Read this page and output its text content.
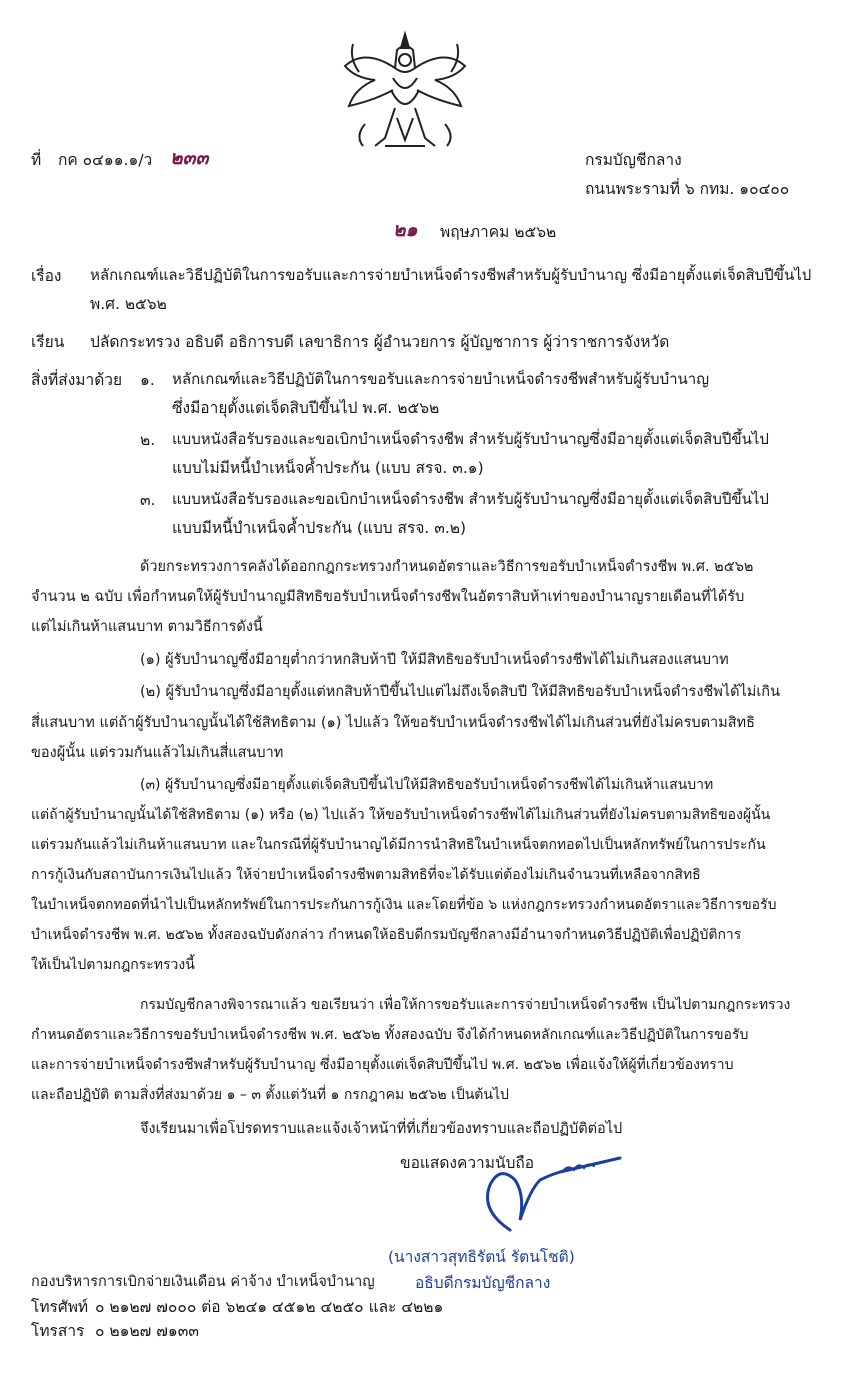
ที่ กค ๐๔๑๑.๑/ว ๒๓๓	กรมบัญชีกลาง
ถนนพระรามที่ ๖ กทม. ๑๐๔๐๐
๒๑ พฤษภาคม ๒๕๖๒
เรื่อง หลักเกณฑ์และวิธีปฏิบัติในการขอรับและการจ่ายบำเหน็จดำรงชีพสำหรับผู้รับบำนาญ ซึ่งมีอายุตั้งแต่เจ็ดสิบปีขึ้นไป
พ.ศ. ๒๕๖๒
เรียน ปลัดกระทรวง อธิบดี อธิการบดี เลขาธิการ ผู้อำนวยการ ผู้บัญชาการ ผู้ว่าราชการจังหวัด
สิ่งที่ส่งมาด้วย ๑. หลักเกณฑ์และวิธีปฏิบัติในการขอรับและการจ่ายบำเหน็จดำรงชีพสำหรับผู้รับบำนาญ
ซึ่งมีอายุตั้งแต่เจ็ดสิบปีขึ้นไป พ.ศ. ๒๕๖๒
๒. แบบหนังสือรับรองและขอเบิกบำเหน็จดำรงชีพ สำหรับผู้รับบำนาญซึ่งมีอายุตั้งแต่เจ็ดสิบปีขึ้นไป
แบบไม่มีหนี้บำเหน็จค้ำประกัน (แบบ สรจ. ๓.๑)
๓. แบบหนังสือรับรองและขอเบิกบำเหน็จดำรงชีพ สำหรับผู้รับบำนาญซึ่งมีอายุตั้งแต่เจ็ดสิบปีขึ้นไป
แบบมีหนี้บำเหน็จค้ำประกัน (แบบ สรจ. ๓.๒)
ด้วยกระทรวงการคลังได้ออกกฎกระทรวงกำหนดอัตราและวิธีการขอรับบำเหน็จดำรงชีพ พ.ศ. ๒๕๖๒
จำนวน ๒ ฉบับ เพื่อกำหนดให้ผู้รับบำนาญมีสิทธิขอรับบำเหน็จดำรงชีพในอัตราสิบห้าเท่าของบำนาญรายเดือนที่ได้รับ
แต่ไม่เกินห้าแสนบาท ตามวิธีการดังนี้
(๑) ผู้รับบำนาญซึ่งมีอายุต่ำกว่าหกสิบห้าปี ให้มีสิทธิขอรับบำเหน็จดำรงชีพได้ไม่เกินสองแสนบาท
(๒) ผู้รับบำนาญซึ่งมีอายุตั้งแต่หกสิบห้าปีขึ้นไปแต่ไม่ถึงเจ็ดสิบปี ให้มีสิทธิขอรับบำเหน็จดำรงชีพได้ไม่เกิน
สี่แสนบาท แต่ถ้าผู้รับบำนาญนั้นได้ใช้สิทธิตาม (๑) ไปแล้ว ให้ขอรับบำเหน็จดำรงชีพได้ไม่เกินส่วนที่ยังไม่ครบตามสิทธิ
ของผู้นั้น แต่รวมกันแล้วไม่เกินสี่แสนบาท
(๓) ผู้รับบำนาญซึ่งมีอายุตั้งแต่เจ็ดสิบปีขึ้นไปให้มีสิทธิขอรับบำเหน็จดำรงชีพได้ไม่เกินห้าแสนบาท
แต่ถ้าผู้รับบำนาญนั้นได้ใช้สิทธิตาม (๑) หรือ (๒) ไปแล้ว ให้ขอรับบำเหน็จดำรงชีพได้ไม่เกินส่วนที่ยังไม่ครบตามสิทธิของผู้นั้น
แต่รวมกันแล้วไม่เกินห้าแสนบาท และในกรณีที่ผู้รับบำนาญได้มีการนำสิทธิในบำเหน็จตกทอดไปเป็นหลักทรัพย์ในการประกัน
การกู้เงินกับสถาบันการเงินไปแล้ว ให้จ่ายบำเหน็จดำรงชีพตามสิทธิที่จะได้รับแต่ต้องไม่เกินจำนวนที่เหลือจากสิทธิ
ในบำเหน็จตกทอดที่นำไปเป็นหลักทรัพย์ในการประกันการกู้เงิน และโดยที่ข้อ ๖ แห่งกฎกระทรวงกำหนดอัตราและวิธีการขอรับ
บำเหน็จดำรงชีพ พ.ศ. ๒๕๖๒ ทั้งสองฉบับดังกล่าว กำหนดให้อธิบดีกรมบัญชีกลางมีอำนาจกำหนดวิธีปฏิบัติเพื่อปฏิบัติการ
ให้เป็นไปตามกฎกระทรวงนี้
กรมบัญชีกลางพิจารณาแล้ว ขอเรียนว่า เพื่อให้การขอรับและการจ่ายบำเหน็จดำรงชีพ เป็นไปตามกฎกระทรวง
กำหนดอัตราและวิธีการขอรับบำเหน็จดำรงชีพ พ.ศ. ๒๕๖๒ ทั้งสองฉบับ จึงได้กำหนดหลักเกณฑ์และวิธีปฏิบัติในการขอรับ
และการจ่ายบำเหน็จดำรงชีพสำหรับผู้รับบำนาญ ซึ่งมีอายุตั้งแต่เจ็ดสิบปีขึ้นไป พ.ศ. ๒๕๖๒ เพื่อแจ้งให้ผู้ที่เกี่ยวข้องทราบ
และถือปฏิบัติ ตามสิ่งที่ส่งมาด้วย ๑ – ๓ ตั้งแต่วันที่ ๑ กรกฎาคม ๒๕๖๒ เป็นต้นไป
จึงเรียนมาเพื่อโปรดทราบและแจ้งเจ้าหน้าที่ที่เกี่ยวข้องทราบและถือปฏิบัติต่อไป
ขอแสดงความนับถือ
(นางสาวสุทธิรัตน์ รัตนโชติ)
อธิบดีกรมบัญชีกลาง
กองบริหารการเบิกจ่ายเงินเดือน ค่าจ้าง บำเหน็จบำนาญ
โทรศัพท์ ๐ ๒๑๒๗ ๗๐๐๐ ต่อ ๖๒๔๑ ๔๕๑๒ ๔๒๕๐ และ ๔๒๒๑
โทรสาร ๐ ๒๑๒๗ ๗๑๓๓
